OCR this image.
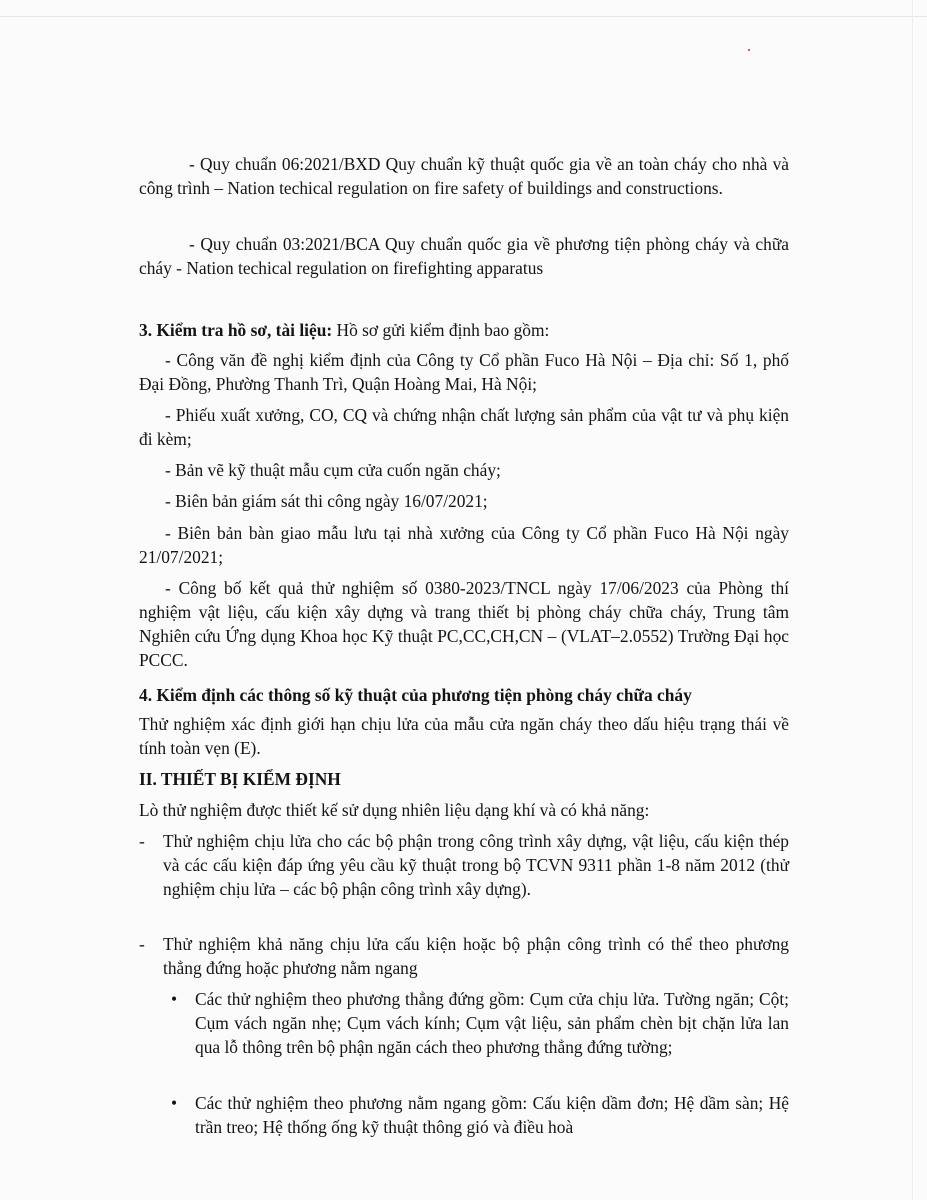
- Quy chuẩn 06:2021/BXD Quy chuẩn kỹ thuật quốc gia về an toàn cháy cho nhà và công trình – Nation techical regulation on fire safety of buildings and constructions.

- Quy chuẩn 03:2021/BCA Quy chuẩn quốc gia về phương tiện phòng cháy và chữa cháy - Nation techical regulation on firefighting apparatus

3. Kiểm tra hồ sơ, tài liệu: Hồ sơ gửi kiểm định bao gồm:

- Công văn đề nghị kiểm định của Công ty Cổ phần Fuco Hà Nội – Địa chỉ: Số 1, phố Đại Đồng, Phường Thanh Trì, Quận Hoàng Mai, Hà Nội;

- Phiếu xuất xưởng, CO, CQ và chứng nhận chất lượng sản phẩm của vật tư và phụ kiện đi kèm;

- Bản vẽ kỹ thuật mẫu cụm cửa cuốn ngăn cháy;

- Biên bản giám sát thi công ngày 16/07/2021;

- Biên bản bàn giao mẫu lưu tại nhà xưởng của Công ty Cổ phần Fuco Hà Nội ngày 21/07/2021;

- Công bố kết quả thử nghiệm số 0380-2023/TNCL ngày 17/06/2023 của Phòng thí nghiệm vật liệu, cấu kiện xây dựng và trang thiết bị phòng cháy chữa cháy, Trung tâm Nghiên cứu Ứng dụng Khoa học Kỹ thuật PC,CC,CH,CN – (VLAT–2.0552) Trường Đại học PCCC.

4. Kiểm định các thông số kỹ thuật của phương tiện phòng cháy chữa cháy

Thử nghiệm xác định giới hạn chịu lửa của mẫu cửa ngăn cháy theo dấu hiệu trạng thái về tính toàn vẹn (E).

II. THIẾT BỊ KIỂM ĐỊNH

Lò thử nghiệm được thiết kế sử dụng nhiên liệu dạng khí và có khả năng:

- Thử nghiệm chịu lửa cho các bộ phận trong công trình xây dựng, vật liệu, cấu kiện thép và các cấu kiện đáp ứng yêu cầu kỹ thuật trong bộ TCVN 9311 phần 1-8 năm 2012 (thử nghiệm chịu lửa – các bộ phận công trình xây dựng).
- Thử nghiệm khả năng chịu lửa cấu kiện hoặc bộ phận công trình có thể theo phương thẳng đứng hoặc phương nằm ngang
• Các thử nghiệm theo phương thẳng đứng gồm: Cụm cửa chịu lửa. Tường ngăn; Cột; Cụm vách ngăn nhẹ; Cụm vách kính; Cụm vật liệu, sản phẩm chèn bịt chặn lửa lan qua lỗ thông trên bộ phận ngăn cách theo phương thẳng đứng tường;
• Các thử nghiệm theo phương nằm ngang gồm: Cấu kiện dầm đơn; Hệ dầm sàn; Hệ trần treo; Hệ thống ống kỹ thuật thông gió và điều hoà
